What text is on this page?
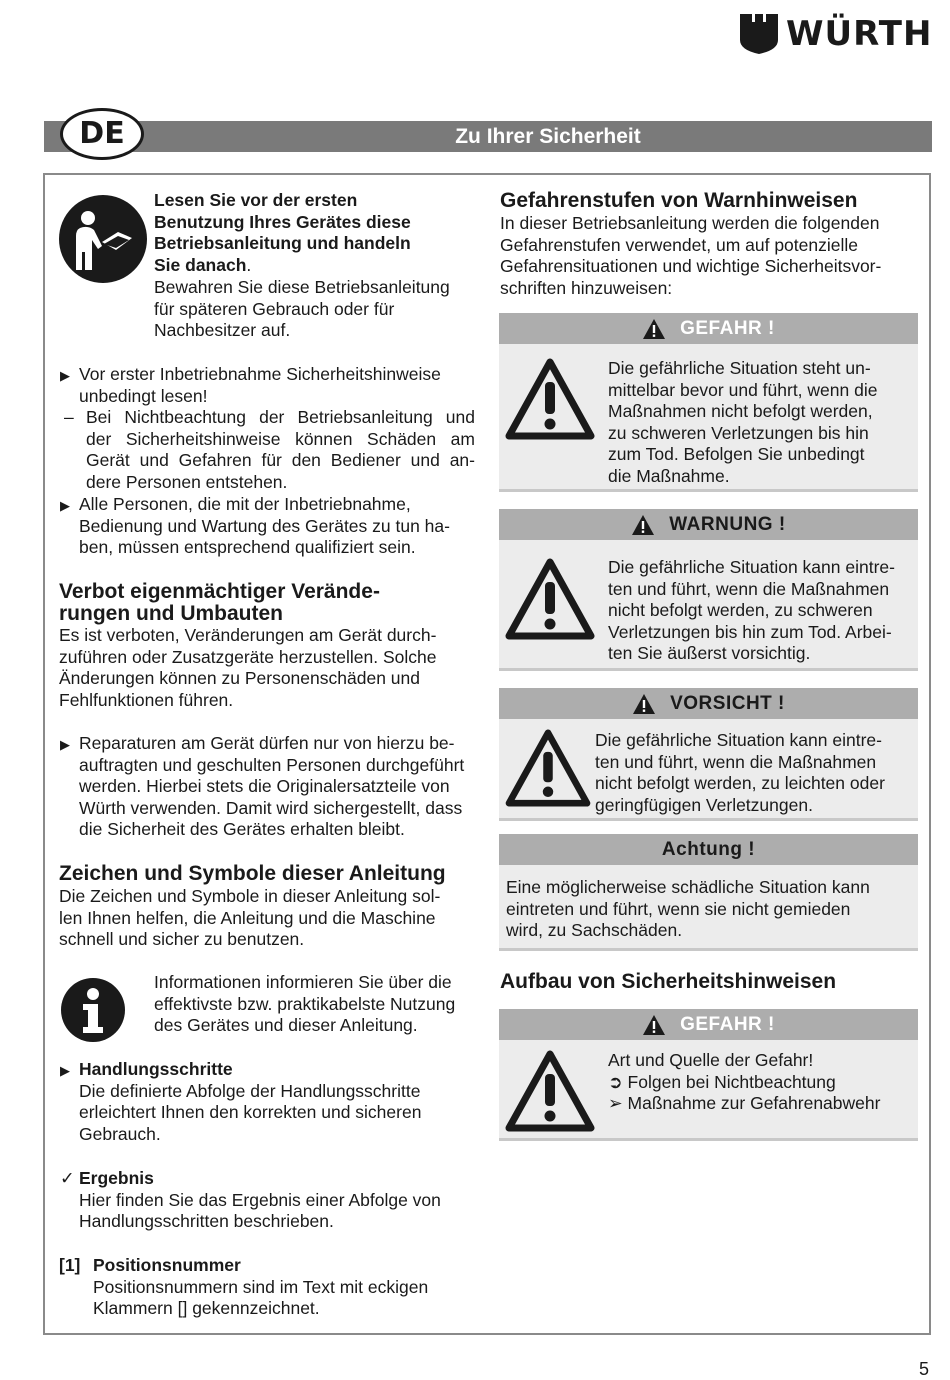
WÜRTH
Zu Ihrer Sicherheit
DE
Lesen Sie vor der ersten
Benutzung Ihres Gerätes diese
Betriebsanleitung und handeln
Sie danach.
Bewahren Sie diese Betriebsanleitung
für späteren Gebrauch oder für
Nachbesitzer auf.
▶ Vor erster Inbetriebnahme Sicherheitshinweise
unbedingt lesen!
– Bei Nichtbeachtung der Betriebsanleitung und
der Sicherheitshinweise können Schäden am
Gerät und Gefahren für den Bediener und an-
dere Personen entstehen.
▶ Alle Personen, die mit der Inbetriebnahme,
Bedienung und Wartung des Gerätes zu tun ha-
ben, müssen entsprechend qualifiziert sein.
Verbot eigenmächtiger Verände-
rungen und Umbauten
Es ist verboten, Veränderungen am Gerät durch-
zuführen oder Zusatzgeräte herzustellen. Solche
Änderungen können zu Personenschäden und
Fehlfunktionen führen.
▶ Reparaturen am Gerät dürfen nur von hierzu be-
auftragten und geschulten Personen durchgeführt
werden. Hierbei stets die Originalersatzteile von
Würth verwenden. Damit wird sichergestellt, dass
die Sicherheit des Gerätes erhalten bleibt.
Zeichen und Symbole dieser Anleitung
Die Zeichen und Symbole in dieser Anleitung sol-
len Ihnen helfen, die Anleitung und die Maschine
schnell und sicher zu benutzen.
Informationen informieren Sie über die
effektivste bzw. praktikabelste Nutzung
des Gerätes und dieser Anleitung.
▶ Handlungsschritte
Die definierte Abfolge der Handlungsschritte
erleichtert Ihnen den korrekten und sicheren
Gebrauch.
✓ Ergebnis
Hier finden Sie das Ergebnis einer Abfolge von
Handlungsschritten beschrieben.
[1] Positionsnummer
Positionsnummern sind im Text mit eckigen
Klammern [] gekennzeichnet.
Gefahrenstufen von Warnhinweisen
In dieser Betriebsanleitung werden die folgenden
Gefahrenstufen verwendet, um auf potenzielle
Gefahrensituationen und wichtige Sicherheitsvor-
schriften hinzuweisen:
GEFAHR !
Die gefährliche Situation steht un-
mittelbar bevor und führt, wenn die
Maßnahmen nicht befolgt werden,
zu schweren Verletzungen bis hin
zum Tod. Befolgen Sie unbedingt
die Maßnahme.
WARNUNG !
Die gefährliche Situation kann eintre-
ten und führt, wenn die Maßnahmen
nicht befolgt werden, zu schweren
Verletzungen bis hin zum Tod. Arbei-
ten Sie äußerst vorsichtig.
VORSICHT !
Die gefährliche Situation kann eintre-
ten und führt, wenn die Maßnahmen
nicht befolgt werden, zu leichten oder
geringfügigen Verletzungen.
Achtung !
Eine möglicherweise schädliche Situation kann
eintreten und führt, wenn sie nicht gemieden
wird, zu Sachschäden.
Aufbau von Sicherheitshinweisen
GEFAHR !
Art und Quelle der Gefahr!
➲ Folgen bei Nichtbeachtung
➢ Maßnahme zur Gefahrenabwehr
5
